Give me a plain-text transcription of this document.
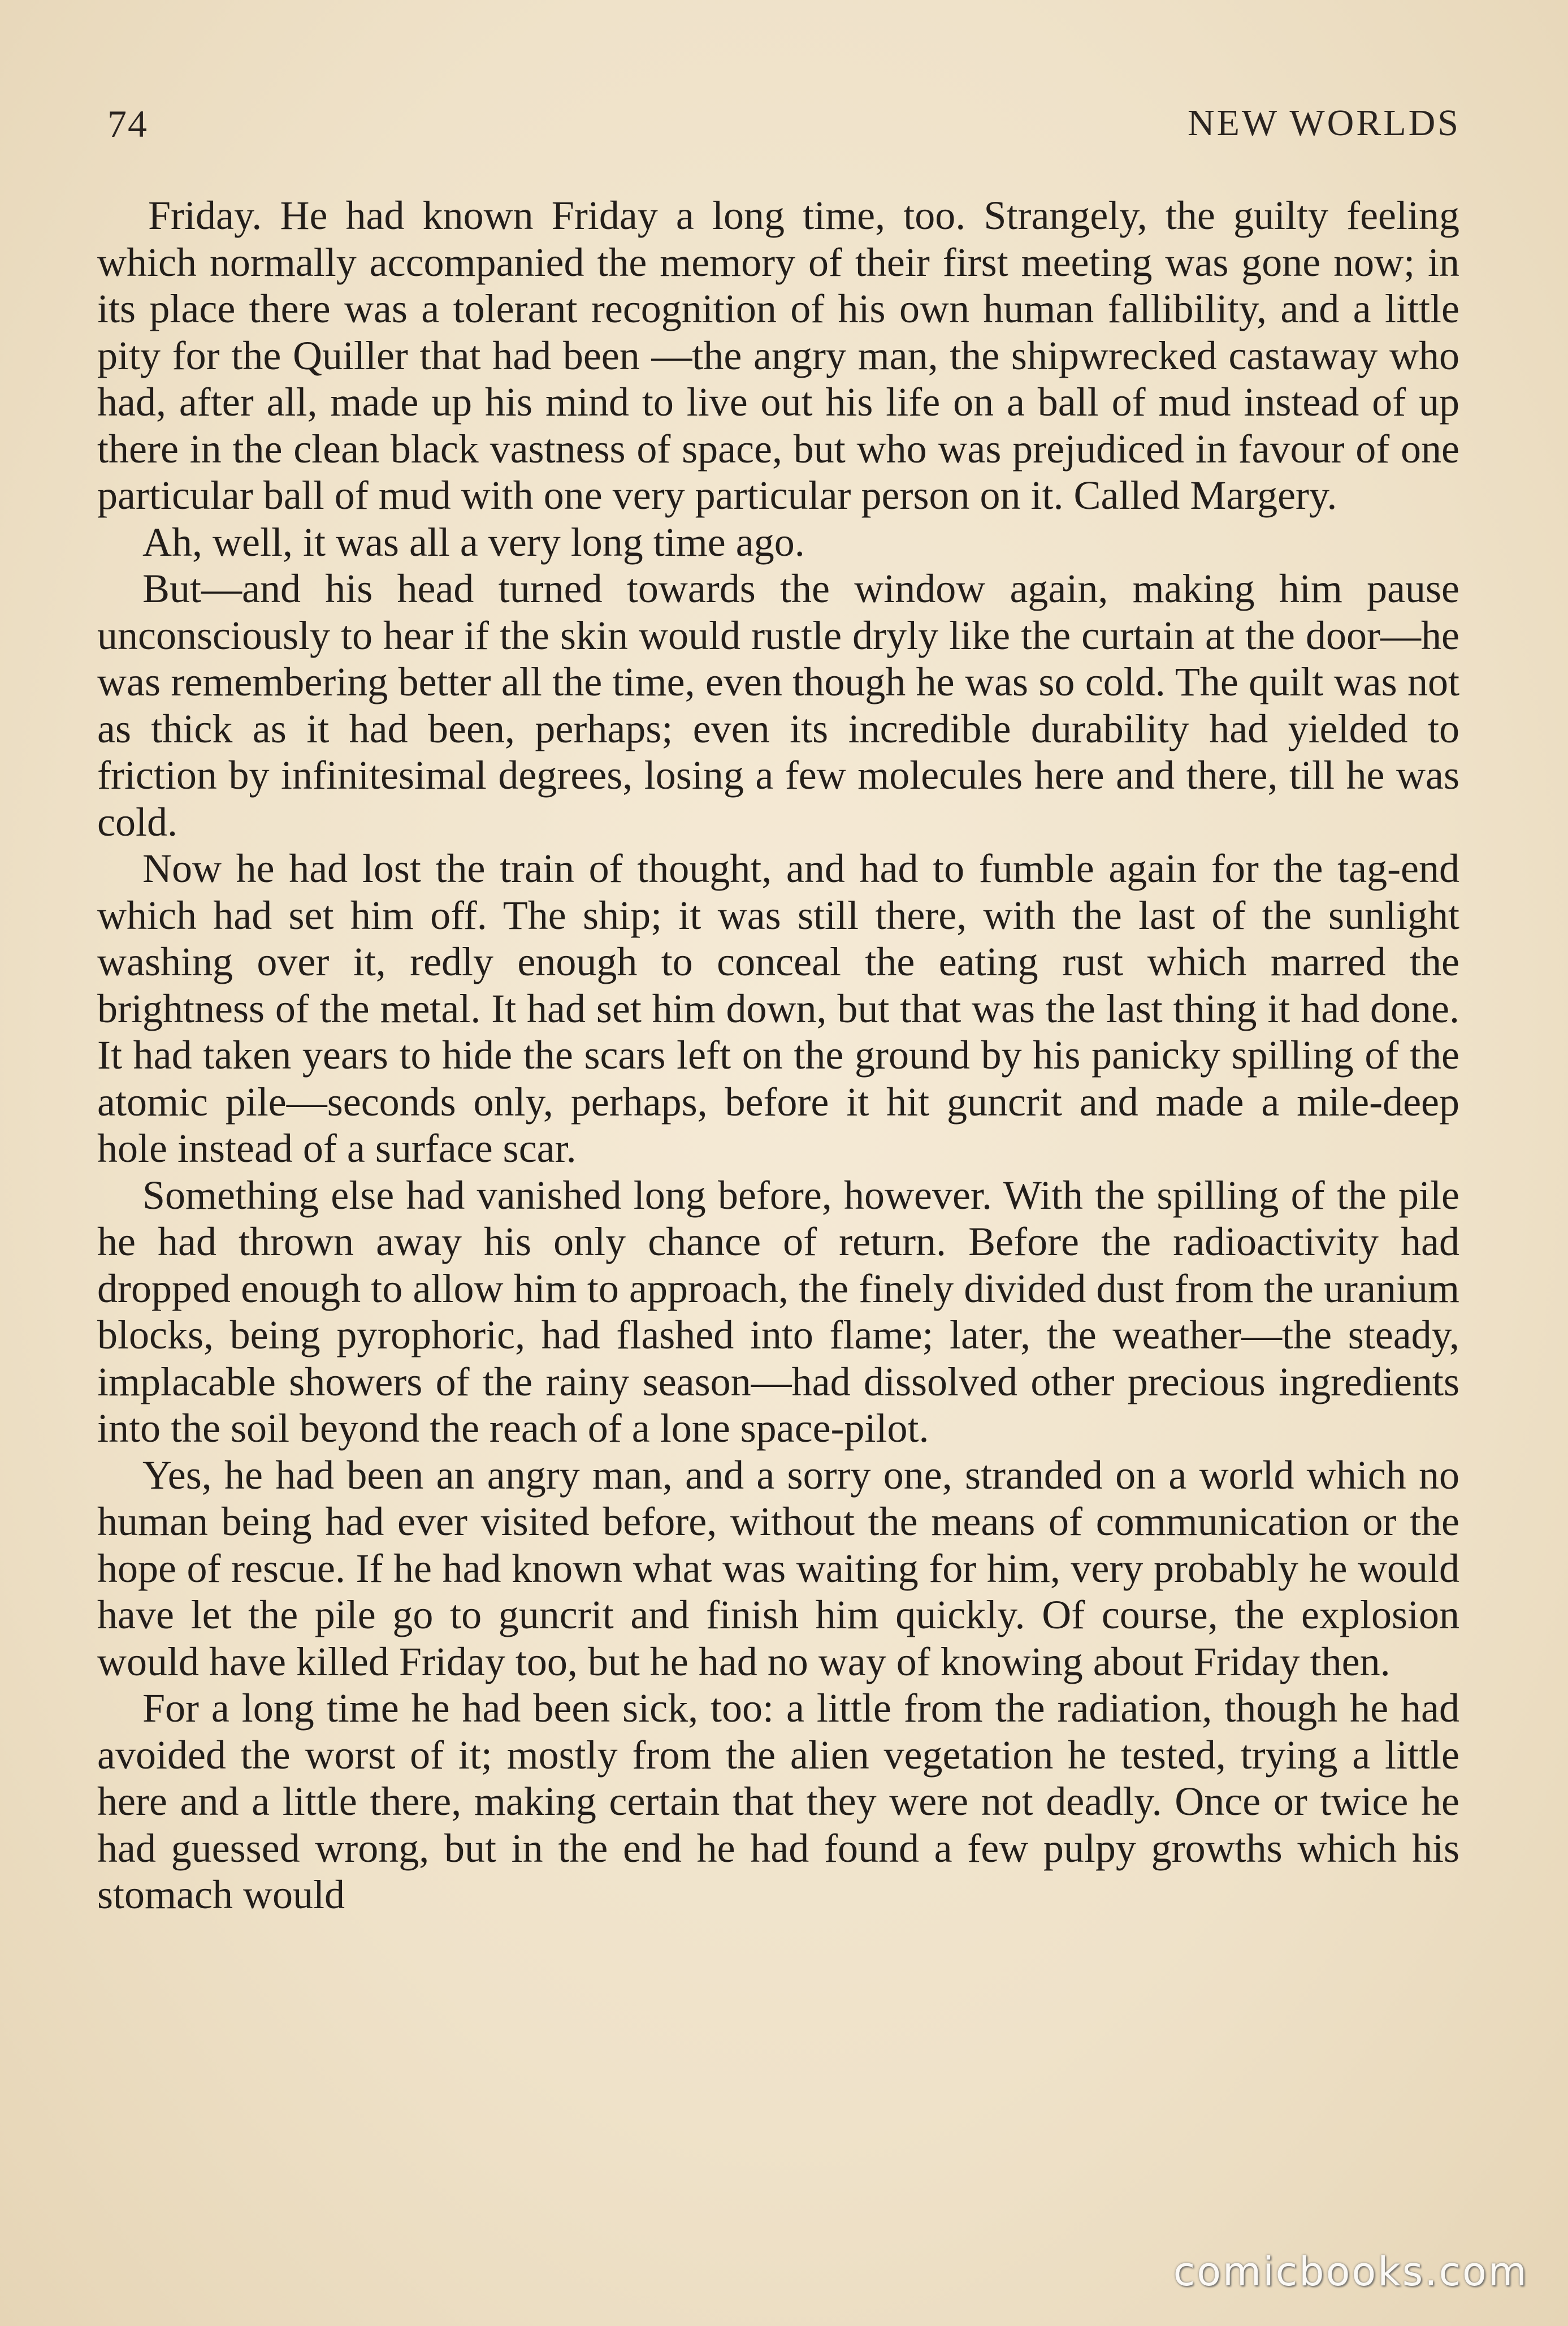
74	NEW WORLDS

Friday. He had known Friday a long time, too. Strangely, the guilty feeling which normally accompanied the memory of their first meeting was gone now; in its place there was a tolerant recognition of his own human fallibility, and a little pity for the Quiller that had been —the angry man, the shipwrecked castaway who had, after all, made up his mind to live out his life on a ball of mud instead of up there in the clean black vastness of space, but who was prejudiced in favour of one particular ball of mud with one very particular person on it. Called Margery.

Ah, well, it was all a very long time ago.

But—and his head turned towards the window again, making him pause unconsciously to hear if the skin would rustle dryly like the curtain at the door—he was remembering better all the time, even though he was so cold. The quilt was not as thick as it had been, perhaps; even its incredible durability had yielded to friction by infinitesimal degrees, losing a few molecules here and there, till he was cold.

Now he had lost the train of thought, and had to fumble again for the tag-end which had set him off. The ship; it was still there, with the last of the sunlight washing over it, redly enough to conceal the eating rust which marred the brightness of the metal. It had set him down, but that was the last thing it had done. It had taken years to hide the scars left on the ground by his panicky spilling of the atomic pile—seconds only, perhaps, before it hit guncrit and made a mile-deep hole instead of a surface scar.

Something else had vanished long before, however. With the spilling of the pile he had thrown away his only chance of return. Before the radioactivity had dropped enough to allow him to approach, the finely divided dust from the uranium blocks, being pyrophoric, had flashed into flame; later, the weather—the steady, implacable showers of the rainy season—had dissolved other precious ingredients into the soil beyond the reach of a lone space-pilot.

Yes, he had been an angry man, and a sorry one, stranded on a world which no human being had ever visited before, without the means of communication or the hope of rescue. If he had known what was waiting for him, very probably he would have let the pile go to guncrit and finish him quickly. Of course, the explosion would have killed Friday too, but he had no way of knowing about Friday then.

For a long time he had been sick, too: a little from the radiation, though he had avoided the worst of it; mostly from the alien vegetation he tested, trying a little here and a little there, making certain that they were not deadly. Once or twice he had guessed wrong, but in the end he had found a few pulpy growths which his stomach would

comicbooks.com
